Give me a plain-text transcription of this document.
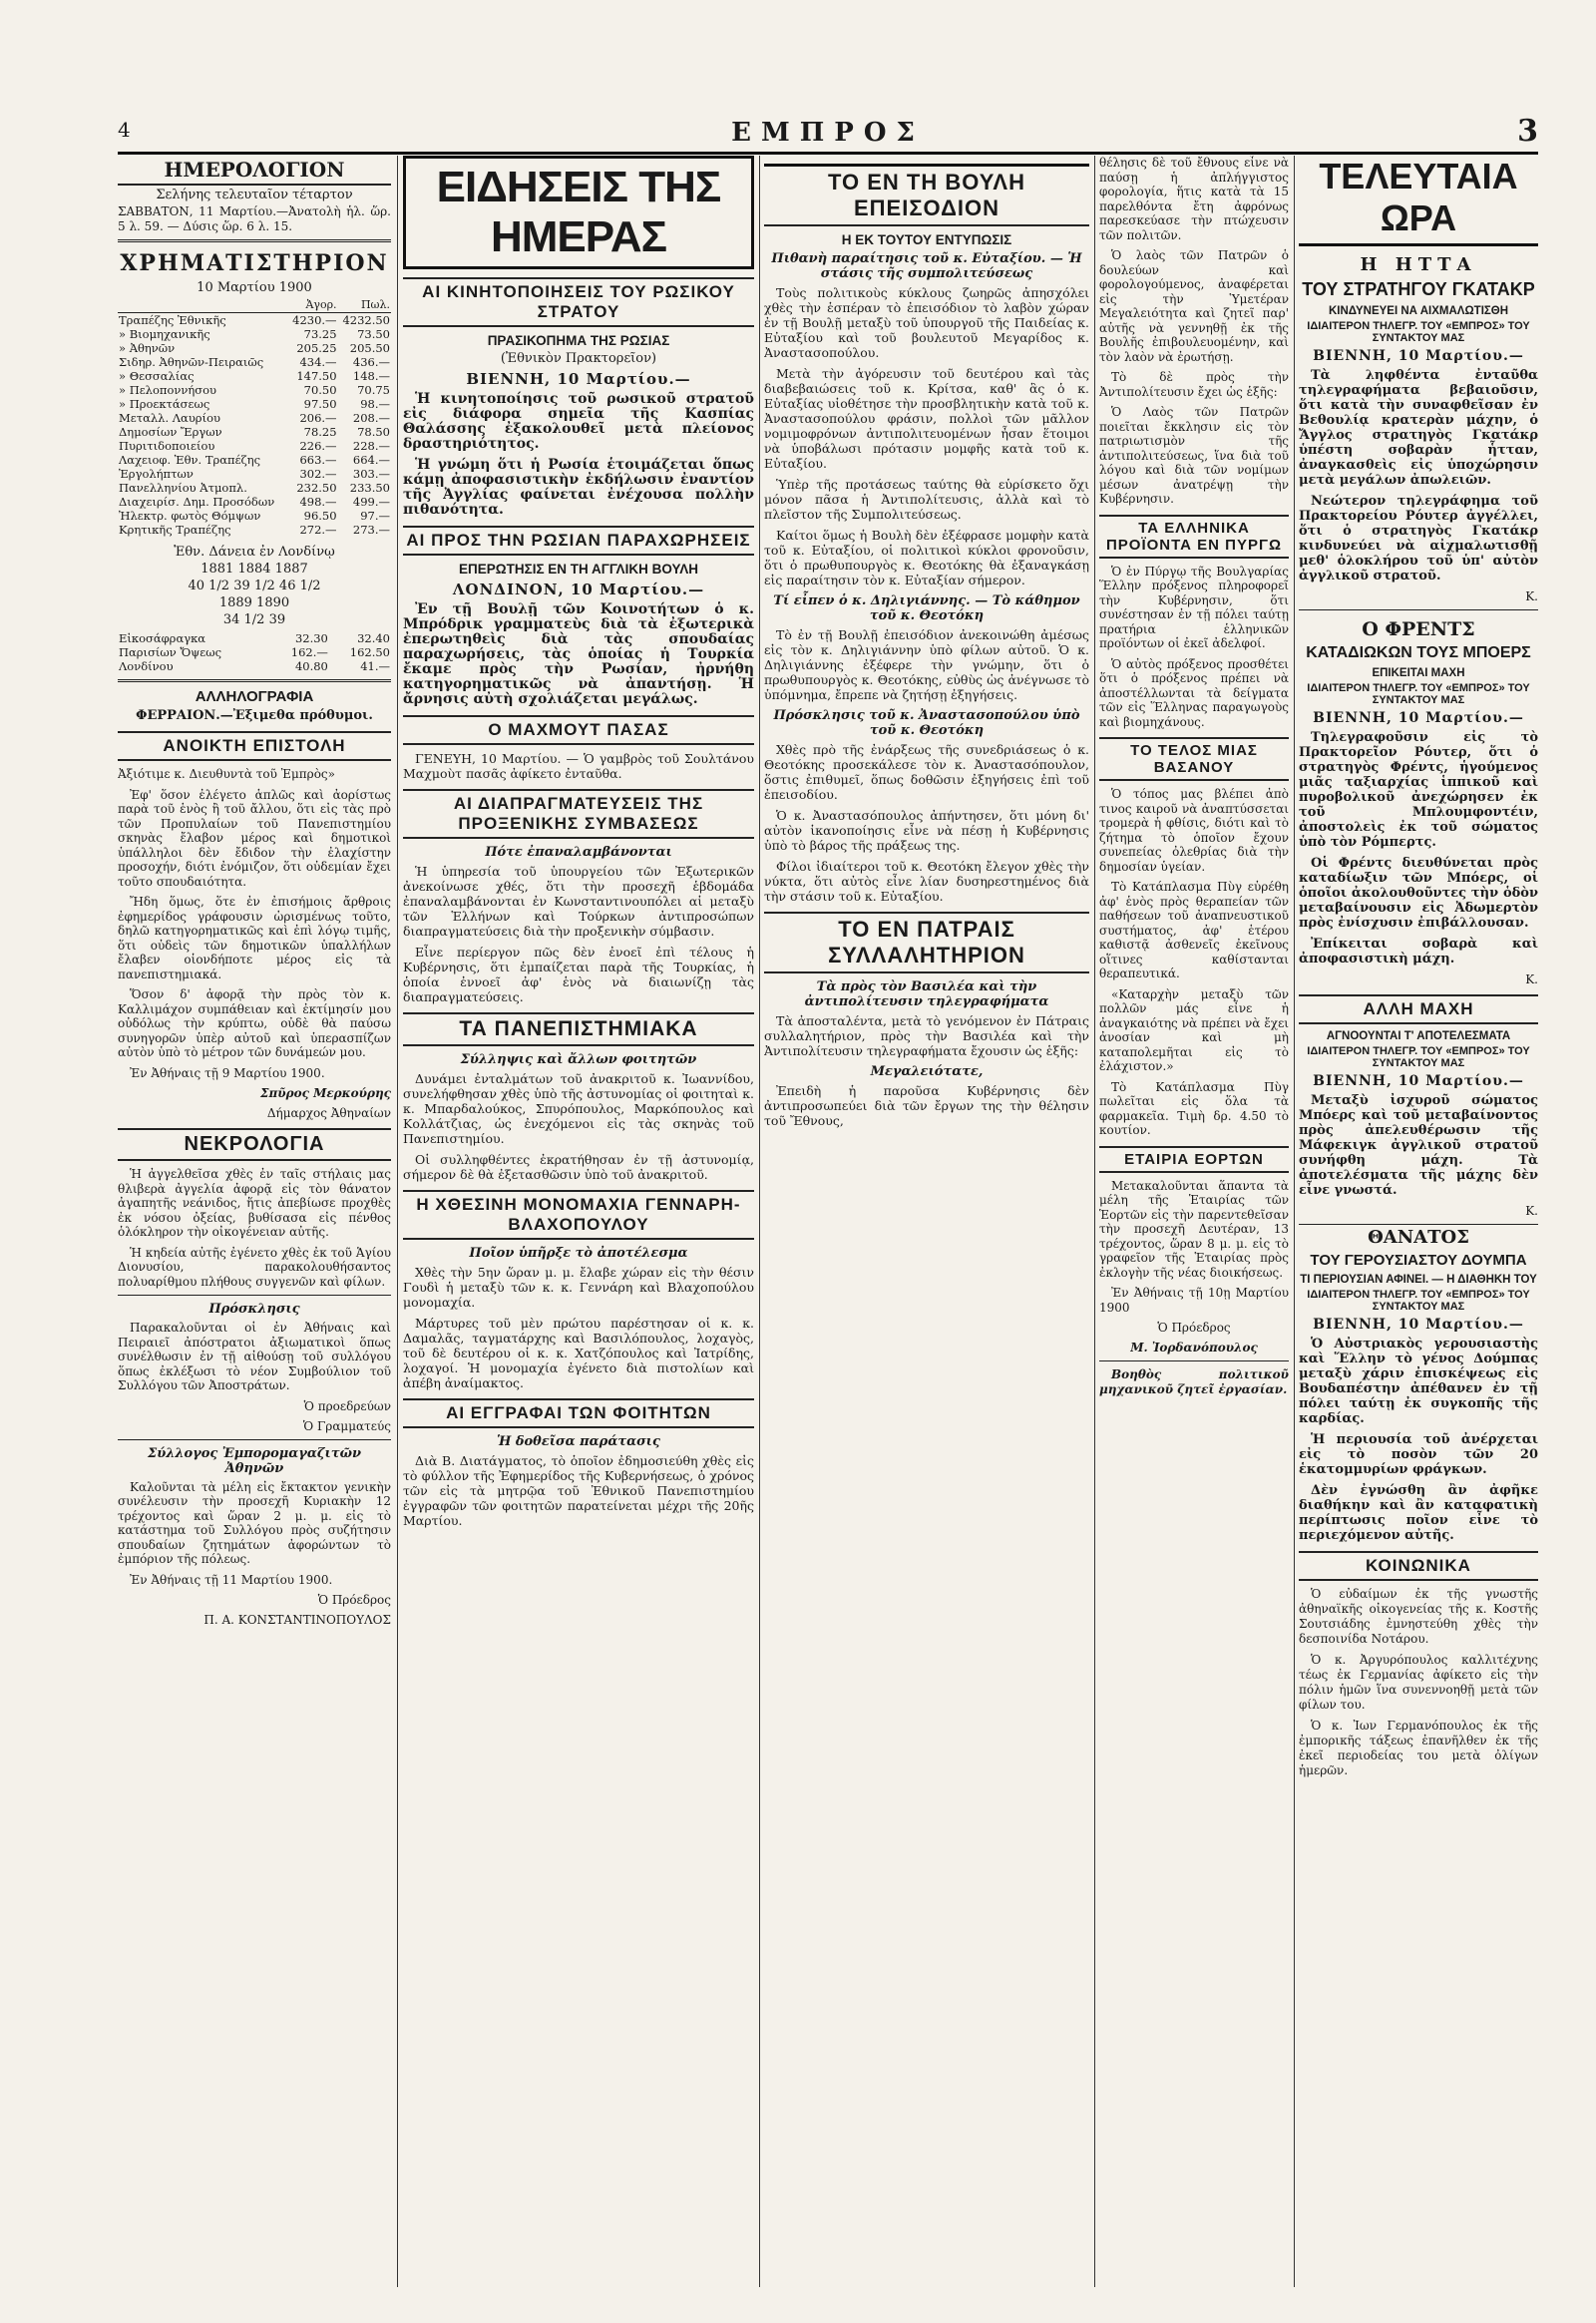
4	ΕΜΠΡΟΣ	3
ΗΜΕΡΟΛΟΓΙΟΝ
Σελήνης τελευταῖον τέταρτον

ΣΑΒΒΑΤΟΝ, 11 Μαρτίου.—Ἀνατολὴ ἡλ. ὥρ. 5 λ. 59. — Δύσις ὥρ. 6 λ. 15.

ΧΡΗΜΑΤΙΣΤΗΡΙΟΝ
10 Μαρτίου 1900
	Ἀγορ.	Πωλ.
Τραπέζης Ἐθνικῆς	4230.—	4232.50
» Βιομηχανικῆς	73.25	73.50
» Ἀθηνῶν	205.25	205.50
Σιδηρ. Ἀθηνῶν-Πειραιῶς	434.—	436.—
» Θεσσαλίας	147.50	148.—
» Πελοποννήσου	70.50	70.75
» Προεκτάσεως	97.50	98.—
Μεταλλ. Λαυρίου	206.—	208.—
Δημοσίων Ἔργων	78.25	78.50
Πυριτιδοποιείου	226.—	228.—
Λαχειοφ. Ἐθν. Τραπέζης	663.—	664.—
Ἐργολήπτων	302.—	303.—
Πανελληνίου Ἀτμοπλ.	232.50	233.50
Διαχειρίσ. Δημ. Προσόδων	498.—	499.—
Ἠλεκτρ. φωτὸς Θόμψων	96.50	97.—
Κρητικῆς Τραπέζης	272.—	273.—
Ἐθν. Δάνεια ἐν Λονδίνῳ
1881 1884 1887
40 1/2 39 1/2 46 1/2
1889 1890
34 1/2 39
Εἰκοσάφραγκα	32.30	32.40
Παρισίων Ὄψεως	162.—	162.50
Λονδίνου	40.80	41.—
ΑΛΛΗΛΟΓΡΑΦΙΑ
ΦΕΡΡΑΙΟΝ.—Ἐξιμεθα πρόθυμοι.
ΑΝΟΙΚΤΗ ΕΠΙΣΤΟΛΗ

Ἀξιότιμε κ. Διευθυντὰ τοῦ Ἐμπρὸς»

Ἐφ' ὅσον ἐλέγετο ἁπλῶς καὶ ἀορίστως παρὰ τοῦ ἑνὸς ἢ τοῦ ἄλλου, ὅτι εἰς τὰς πρὸ τῶν Προπυλαίων τοῦ Πανεπιστημίου σκηνὰς ἔλαβον μέρος καὶ δημοτικοὶ ὑπάλληλοι δὲν ἔδιδον τὴν ἐλαχίστην προσοχήν, διότι ἐνόμιζον, ὅτι οὐδεμίαν ἔχει τοῦτο σπουδαιότητα.

Ἤδη ὅμως, ὅτε ἐν ἐπισήμοις ἄρθροις ἐφημερίδος γράφουσιν ὡρισμένως τοῦτο, δηλῶ κατηγορηματικῶς καὶ ἐπὶ λόγῳ τιμῆς, ὅτι οὐδεὶς τῶν δημοτικῶν ὑπαλλήλων ἔλαβεν οἱονδήποτε μέρος εἰς τὰ πανεπιστημιακά.

Ὅσον δ' ἀφορᾷ τὴν πρὸς τὸν κ. Καλλιμάχον συμπάθειαν καὶ ἐκτίμησίν μου οὐδόλως τὴν κρύπτω, οὐδὲ θὰ παύσω συνηγορῶν ὑπὲρ αὐτοῦ καὶ ὑπερασπίζων αὐτὸν ὑπὸ τὸ μέτρον τῶν δυνάμεών μου.

Ἐν Ἀθήναις τῇ 9 Μαρτίου 1900.

Σπῦρος Μερκούρης
Δήμαρχος Ἀθηναίων
ΝΕΚΡΟΛΟΓΙΑ

Ἡ ἀγγελθεῖσα χθὲς ἐν ταῖς στήλαις μας θλιβερὰ ἀγγελία ἀφορᾷ εἰς τὸν θάνατον ἀγαπητῆς νεάνιδος, ἥτις ἀπεβίωσε προχθὲς ἐκ νόσου ὀξείας, βυθίσασα εἰς πένθος ὁλόκληρον τὴν οἰκογένειαν αὐτῆς.

Ἡ κηδεία αὐτῆς ἐγένετο χθὲς ἐκ τοῦ Ἁγίου Διονυσίου, παρακολουθήσαντος πολυαρίθμου πλήθους συγγενῶν καὶ φίλων.

Πρόσκλησις

Παρακαλοῦνται οἱ ἐν Ἀθήναις καὶ Πειραιεῖ ἀπόστρατοι ἀξιωματικοὶ ὅπως συνέλθωσιν ἐν τῇ αἰθούσῃ τοῦ συλλόγου ὅπως ἐκλέξωσι τὸ νέον Συμβούλιον τοῦ Συλλόγου τῶν Ἀποστράτων.

Ὁ προεδρεύων
Ὁ Γραμματεύς
Σύλλογος Ἐμπορομαγαζιτῶν Ἀθηνῶν

Καλοῦνται τὰ μέλη εἰς ἔκτακτον γενικὴν συνέλευσιν τὴν προσεχῆ Κυριακὴν 12 τρέχοντος καὶ ὥραν 2 μ. μ. εἰς τὸ κατάστημα τοῦ Συλλόγου πρὸς συζήτησιν σπουδαίων ζητημάτων ἀφορώντων τὸ ἐμπόριον τῆς πόλεως.

Ἐν Ἀθήναις τῇ 11 Μαρτίου 1900.

Ὁ Πρόεδρος
Π. Α. ΚΟΝΣΤΑΝΤΙΝΟΠΟΥΛΟΣ
ΕΙΔΗΣΕΙΣ ΤΗΣ ΗΜΕΡΑΣ
ΑΙ ΚΙΝΗΤΟΠΟΙΗΣΕΙΣ ΤΟΥ ΡΩΣΙΚΟΥ ΣΤΡΑΤΟΥ
ΠΡΑΣΙΚΟΠΗΜΑ ΤΗΣ ΡΩΣΙΑΣ
(Ἐθνικὸν Πρακτορεῖον)
ΒΙΕΝΝΗ, 10 Μαρτίου.—

Ἡ κινητοποίησις τοῦ ρωσικοῦ στρατοῦ εἰς διάφορα σημεῖα τῆς Κασπίας Θαλάσσης ἐξακολουθεῖ μετὰ πλείονος δραστηριότητος.

Ἡ γνώμη ὅτι ἡ Ρωσία ἑτοιμάζεται ὅπως κάμῃ ἀποφασιστικὴν ἐκδήλωσιν ἐναντίον τῆς Ἀγγλίας φαίνεται ἐνέχουσα πολλὴν πιθανότητα.

ΑΙ ΠΡΟΣ ΤΗΝ ΡΩΣΙΑΝ ΠΑΡΑΧΩΡΗΣΕΙΣ
ΕΠΕΡΩΤΗΣΙΣ ΕΝ ΤΗ ΑΓΓΛΙΚΗ ΒΟΥΛΗ
ΛΟΝΔΙΝΟΝ, 10 Μαρτίου.—

Ἐν τῇ Βουλῇ τῶν Κοινοτήτων ὁ κ. Μπρόδρικ γραμματεὺς διὰ τὰ ἐξωτερικὰ ἐπερωτηθεὶς διὰ τὰς σπουδαίας παραχωρήσεις, τὰς ὁποίας ἡ Τουρκία ἔκαμε πρὸς τὴν Ρωσίαν, ἠρνήθη κατηγορηματικῶς νὰ ἀπαντήσῃ. Ἡ ἄρνησις αὐτὴ σχολιάζεται μεγάλως.

Ο ΜΑΧΜΟΥΤ ΠΑΣΑΣ

ΓΕΝΕΥΗ, 10 Μαρτίου. — Ὁ γαμβρὸς τοῦ Σουλτάνου Μαχμοὺτ πασᾶς ἀφίκετο ἐνταῦθα.

ΑΙ ΔΙΑΠΡΑΓΜΑΤΕΥΣΕΙΣ ΤΗΣ ΠΡΟΞΕΝΙΚΗΣ ΣΥΜΒΑΣΕΩΣ
Πότε ἐπαναλαμβάνονται

Ἡ ὑπηρεσία τοῦ ὑπουργείου τῶν Ἐξωτερικῶν ἀνεκοίνωσε χθές, ὅτι τὴν προσεχῆ ἑβδομάδα ἐπαναλαμβάνονται ἐν Κωνσταντινουπόλει αἱ μεταξὺ τῶν Ἑλλήνων καὶ Τούρκων ἀντιπροσώπων διαπραγματεύσεις διὰ τὴν προξενικὴν σύμβασιν.

Εἶνε περίεργον πῶς δὲν ἐνοεῖ ἐπὶ τέλους ἡ Κυβέρνησις, ὅτι ἐμπαίζεται παρὰ τῆς Τουρκίας, ἡ ὁποία ἐννοεῖ ἀφ' ἑνὸς νὰ διαιωνίζῃ τὰς διαπραγματεύσεις.

ΤΑ ΠΑΝΕΠΙΣΤΗΜΙΑΚΑ
Σύλληψις καὶ ἄλλων φοιτητῶν

Δυνάμει ἐνταλμάτων τοῦ ἀνακριτοῦ κ. Ἰωαννίδου, συνελήφθησαν χθὲς ὑπὸ τῆς ἀστυνομίας οἱ φοιτηταὶ κ. κ. Μπαρδαλούκος, Σπυρόπουλος, Μαρκόπουλος καὶ Κολλάτζιας, ὡς ἐνεχόμενοι εἰς τὰς σκηνὰς τοῦ Πανεπιστημίου.

Οἱ συλληφθέντες ἐκρατήθησαν ἐν τῇ ἀστυνομίᾳ, σήμερον δὲ θὰ ἐξετασθῶσιν ὑπὸ τοῦ ἀνακριτοῦ.

Η ΧΘΕΣΙΝΗ ΜΟΝΟΜΑΧΙΑ ΓΕΝΝΑΡΗ-ΒΛΑΧΟΠΟΥΛΟΥ
Ποῖον ὑπῆρξε τὸ ἀποτέλεσμα

Χθὲς τὴν 5ην ὥραν μ. μ. ἔλαβε χώραν εἰς τὴν θέσιν Γουδὶ ἡ μεταξὺ τῶν κ. κ. Γεννάρη καὶ Βλαχοπούλου μονομαχία.

Μάρτυρες τοῦ μὲν πρώτου παρέστησαν οἱ κ. κ. Δαμαλᾶς, ταγματάρχης καὶ Βασιλόπουλος, λοχαγὸς, τοῦ δὲ δευτέρου οἱ κ. κ. Χατζόπουλος καὶ Ἰατρίδης, λοχαγοί. Ἡ μονομαχία ἐγένετο διὰ πιστολίων καὶ ἀπέβη ἀναίμακτος.

ΑΙ ΕΓΓΡΑΦΑΙ ΤΩΝ ΦΟΙΤΗΤΩΝ
Ἡ δοθεῖσα παράτασις

Διὰ Β. Διατάγματος, τὸ ὁποῖον ἐδημοσιεύθη χθὲς εἰς τὸ φύλλον τῆς Ἐφημερίδος τῆς Κυβερνήσεως, ὁ χρόνος τῶν εἰς τὰ μητρῷα τοῦ Ἐθνικοῦ Πανεπιστημίου ἐγγραφῶν τῶν φοιτητῶν παρατείνεται μέχρι τῆς 20ῆς Μαρτίου.

ΤΟ ΕΝ ΤΗ ΒΟΥΛΗ ΕΠΕΙΣΟΔΙΟΝ
Η ΕΚ ΤΟΥΤΟΥ ΕΝΤΥΠΩΣΙΣ
Πιθανὴ παραίτησις τοῦ κ. Εὐταξίου. — Ἡ στάσις τῆς συμπολιτεύσεως

Τοὺς πολιτικοὺς κύκλους ζωηρῶς ἀπησχόλει χθὲς τὴν ἑσπέραν τὸ ἐπεισόδιον τὸ λαβὸν χώραν ἐν τῇ Βουλῇ μεταξὺ τοῦ ὑπουργοῦ τῆς Παιδείας κ. Εὐταξίου καὶ τοῦ βουλευτοῦ Μεγαρίδος κ. Ἀναστασοπούλου.

Μετὰ τὴν ἀγόρευσιν τοῦ δευτέρου καὶ τὰς διαβεβαιώσεις τοῦ κ. Κρίτσα, καθ' ἃς ὁ κ. Εὐταξίας υἱοθέτησε τὴν προσβλητικὴν κατὰ τοῦ κ. Ἀναστασοπούλου φράσιν, πολλοὶ τῶν μᾶλλον νομιμοφρόνων ἀντιπολιτευομένων ἦσαν ἕτοιμοι νὰ ὑποβάλωσι πρότασιν μομφῆς κατὰ τοῦ κ. Εὐταξίου.

Ὑπὲρ τῆς προτάσεως ταύτης θὰ εὑρίσκετο ὄχι μόνον πᾶσα ἡ Ἀντιπολίτευσις, ἀλλὰ καὶ τὸ πλεῖστον τῆς Συμπολιτεύσεως.

Καίτοι ὅμως ἡ Βουλὴ δὲν ἐξέφρασε μομφὴν κατὰ τοῦ κ. Εὐταξίου, οἱ πολιτικοὶ κύκλοι φρονοῦσιν, ὅτι ὁ πρωθυπουργὸς κ. Θεοτόκης θὰ ἐξαναγκάσῃ εἰς παραίτησιν τὸν κ. Εὐταξίαν σήμερον.

Τί εἶπεν ὁ κ. Δηλιγιάννης. — Τὸ κάθημον τοῦ κ. Θεοτόκη

Τὸ ἐν τῇ Βουλῇ ἐπεισόδιον ἀνεκοινώθη ἀμέσως εἰς τὸν κ. Δηλιγιάννην ὑπὸ φίλων αὐτοῦ. Ὁ κ. Δηλιγιάννης ἐξέφερε τὴν γνώμην, ὅτι ὁ πρωθυπουργὸς κ. Θεοτόκης, εὐθὺς ὡς ἀνέγνωσε τὸ ὑπόμνημα, ἔπρεπε νὰ ζητήσῃ ἐξηγήσεις.

Πρόσκλησις τοῦ κ. Ἀναστασοπούλου ὑπὸ τοῦ κ. Θεοτόκη

Χθὲς πρὸ τῆς ἐνάρξεως τῆς συνεδριάσεως ὁ κ. Θεοτόκης προσεκάλεσε τὸν κ. Ἀναστασόπουλον, ὅστις ἐπιθυμεῖ, ὅπως δοθῶσιν ἐξηγήσεις ἐπὶ τοῦ ἐπεισοδίου.

Ὁ κ. Ἀναστασόπουλος ἀπήντησεν, ὅτι μόνη δι' αὐτὸν ἱκανοποίησις εἶνε νὰ πέσῃ ἡ Κυβέρνησις ὑπὸ τὸ βάρος τῆς πράξεως της.

Φίλοι ἰδιαίτεροι τοῦ κ. Θεοτόκη ἔλεγον χθὲς τὴν νύκτα, ὅτι αὐτὸς εἶνε λίαν δυσηρεστημένος διὰ τὴν στάσιν τοῦ κ. Εὐταξίου.

ΤΟ ΕΝ ΠΑΤΡΑΙΣ ΣΥΛΛΑΛΗΤΗΡΙΟΝ
Τὰ πρὸς τὸν Βασιλέα καὶ τὴν ἀντιπολίτευσιν τηλεγραφήματα

Τὰ ἀποσταλέντα, μετὰ τὸ γενόμενον ἐν Πάτραις συλλαλητήριον, πρὸς τὴν Βασιλέα καὶ τὴν Ἀντιπολίτευσιν τηλεγραφήματα ἔχουσιν ὡς ἑξῆς:

Μεγαλειότατε,

Ἐπειδὴ ἡ παροῦσα Κυβέρνησις δὲν ἀντιπροσωπεύει διὰ τῶν ἔργων της τὴν θέλησιν τοῦ Ἔθνους,

θέλησις δὲ τοῦ ἔθνους εἶνε νὰ παύσῃ ἡ ἀπλήγγιστος φορολογία, ἥτις κατὰ τὰ 15 παρελθόντα ἔτη ἀφρόνως παρεσκεύασε τὴν πτώχευσιν τῶν πολιτῶν.

Ὁ λαὸς τῶν Πατρῶν ὁ δουλεύων καὶ φορολογούμενος, ἀναφέρεται εἰς τὴν Ὑμετέραν Μεγαλειότητα καὶ ζητεῖ παρ' αὐτῆς νὰ γεννηθῇ ἐκ τῆς Βουλῆς ἐπιβουλευομένην, καὶ τὸν λαὸν νὰ ἐρωτήσῃ.

Τὸ δὲ πρὸς τὴν Ἀντιπολίτευσιν ἔχει ὡς ἑξῆς:

Ὁ Λαὸς τῶν Πατρῶν ποιεῖται ἔκκλησιν εἰς τὸν πατριωτισμὸν τῆς ἀντιπολιτεύσεως, ἵνα διὰ τοῦ λόγου καὶ διὰ τῶν νομίμων μέσων ἀνατρέψῃ τὴν Κυβέρνησιν.

ΤΑ ΕΛΛΗΝΙΚΑ ΠΡΟΪΟΝΤΑ ΕΝ ΠΥΡΓΩ

Ὁ ἐν Πύργῳ τῆς Βουλγαρίας Ἕλλην πρόξενος πληροφορεῖ τὴν Κυβέρνησιν, ὅτι συνέστησαν ἐν τῇ πόλει ταύτῃ πρατήρια ἑλληνικῶν προϊόντων οἱ ἐκεῖ ἀδελφοί.

Ὁ αὐτὸς πρόξενος προσθέτει ὅτι ὁ πρόξενος πρέπει νὰ ἀποστέλλωνται τὰ δείγματα τῶν εἰς Ἕλληνας παραγωγοὺς καὶ βιομηχάνους.

ΤΟ ΤΕΛΟΣ ΜΙΑΣ ΒΑΣΑΝΟΥ

Ὁ τόπος μας βλέπει ἀπὸ τινος καιροῦ νὰ ἀναπτύσσεται τρομερὰ ἡ φθίσις, διότι καὶ τὸ ζήτημα τὸ ὁποῖον ἔχουν συνεπείας ὀλεθρίας διὰ τὴν δημοσίαν ὑγείαν.

Τὸ Κατάπλασμα Πὺγ εὑρέθη ἀφ' ἑνὸς πρὸς θεραπείαν τῶν παθήσεων τοῦ ἀναπνευστικοῦ συστήματος, ἀφ' ἑτέρου καθιστᾷ ἀσθενεῖς ἐκεῖνους οἵτινες καθίστανται θεραπευτικά.

«Καταρχὴν μεταξὺ τῶν πολλῶν μάς εἶνε ἡ ἀναγκαιότης νὰ πρέπει νὰ ἔχει ἀνοσίαν καὶ μὴ καταπολεμῆται εἰς τὸ ἐλάχιστον.»

Τὸ Κατάπλασμα Πὺγ πωλεῖται εἰς ὅλα τὰ φαρμακεῖα. Τιμὴ δρ. 4.50 τὸ κουτίον.

ΕΤΑΙΡΙΑ ΕΟΡΤΩΝ

Μετακαλοῦνται ἅπαντα τὰ μέλη τῆς Ἑταιρίας τῶν Ἑορτῶν εἰς τὴν παρεντεθεῖσαν τὴν προσεχῆ Δευτέραν, 13 τρέχοντος, ὥραν 8 μ. μ. εἰς τὸ γραφεῖον τῆς Ἑταιρίας πρὸς ἐκλογὴν τῆς νέας διοικήσεως.

Ἐν Ἀθήναις τῇ 10ῃ Μαρτίου 1900

Ὁ Πρόεδρος
Μ. Ἰορδανόπουλος

Βοηθὸς πολιτικοῦ μηχανικοῦ ζητεῖ ἐργασίαν.

ΤΕΛΕΥΤΑΙΑ ΩΡΑ
Η ΗΤΤΑ
ΤΟΥ ΣΤΡΑΤΗΓΟΥ ΓΚΑΤΑΚΡ
ΚΙΝΔΥΝΕΥΕΙ ΝΑ ΑΙΧΜΑΛΩΤΙΣΘΗ
ΙΔΙΑΙΤΕΡΟΝ ΤΗΛΕΓΡ. ΤΟΥ «ΕΜΠΡΟΣ» ΤΟΥ ΣΥΝΤΑΚΤΟΥ ΜΑΣ
ΒΙΕΝΝΗ, 10 Μαρτίου.—

Τὰ ληφθέντα ἐνταῦθα τηλεγραφήματα βεβαιοῦσιν, ὅτι κατὰ τὴν συναφθεῖσαν ἐν Βεθουλίᾳ κρατερὰν μάχην, ὁ Ἄγγλος στρατηγὸς Γκατάκρ ὑπέστη σοβαρὰν ἧτταν, ἀναγκασθεὶς εἰς ὑποχώρησιν μετὰ μεγάλων ἀπωλειῶν.

Νεώτερον τηλεγράφημα τοῦ Πρακτορείου Ρόυτερ ἀγγέλλει, ὅτι ὁ στρατηγὸς Γκατάκρ κινδυνεύει νὰ αἰχμαλωτισθῇ μεθ' ὁλοκλήρου τοῦ ὑπ' αὐτὸν ἀγγλικοῦ στρατοῦ.

Κ.
Ο ΦΡΕΝΤΣ
ΚΑΤΑΔΙΩΚΩΝ ΤΟΥΣ ΜΠΟΕΡΣ
ΕΠΙΚΕΙΤΑΙ ΜΑΧΗ
ΙΔΙΑΙΤΕΡΟΝ ΤΗΛΕΓΡ. ΤΟΥ «ΕΜΠΡΟΣ» ΤΟΥ ΣΥΝΤΑΚΤΟΥ ΜΑΣ
ΒΙΕΝΝΗ, 10 Μαρτίου.—

Τηλεγραφοῦσιν εἰς τὸ Πρακτορεῖον Ρόυτερ, ὅτι ὁ στρατηγὸς Φρέντς, ἡγούμενος μιᾶς ταξιαρχίας ἱππικοῦ καὶ πυροβολικοῦ ἀνεχώρησεν ἐκ τοῦ Μπλουμφοντέιν, ἀποστολεὶς ἐκ τοῦ σώματος ὑπὸ τὸν Ρόμπερτς.

Οἱ Φρέντς διευθύνεται πρὸς καταδίωξιν τῶν Μπόερς, οἱ ὁποῖοι ἀκολουθοῦντες τὴν ὁδὸν μεταβαίνουσιν εἰς Ἀδωμερτὸν πρὸς ἐνίσχυσιν ἐπιβάλλουσαν.

Ἐπίκειται σοβαρὰ καὶ ἀποφασιστικὴ μάχη.

Κ.
ΑΛΛΗ ΜΑΧΗ
ΑΓΝΟΟΥΝΤΑΙ Τ' ΑΠΟΤΕΛΕΣΜΑΤΑ
ΙΔΙΑΙΤΕΡΟΝ ΤΗΛΕΓΡ. ΤΟΥ «ΕΜΠΡΟΣ» ΤΟΥ ΣΥΝΤΑΚΤΟΥ ΜΑΣ
ΒΙΕΝΝΗ, 10 Μαρτίου.—

Μεταξὺ ἰσχυροῦ σώματος Μπόερς καὶ τοῦ μεταβαίνοντος πρὸς ἀπελευθέρωσιν τῆς Μάφεκιγκ ἀγγλικοῦ στρατοῦ συνήφθη μάχη. Τὰ ἀποτελέσματα τῆς μάχης δὲν εἶνε γνωστά.

Κ.
ΘΑΝΑΤΟΣ
ΤΟΥ ΓΕΡΟΥΣΙΑΣΤΟΥ ΔΟΥΜΠΑ
ΤΙ ΠΕΡΙΟΥΣΙΑΝ ΑΦΙΝΕΙ. — Η ΔΙΑΘΗΚΗ ΤΟΥ
ΙΔΙΑΙΤΕΡΟΝ ΤΗΛΕΓΡ. ΤΟΥ «ΕΜΠΡΟΣ» ΤΟΥ ΣΥΝΤΑΚΤΟΥ ΜΑΣ
ΒΙΕΝΝΗ, 10 Μαρτίου.—

Ὁ Αὐστριακὸς γερουσιαστὴς καὶ Ἕλλην τὸ γένος Δούμπας μεταξὺ χάριν ἐπισκέψεως εἰς Βουδαπέστην ἀπέθανεν ἐν τῇ πόλει ταύτῃ ἐκ συγκοπῆς τῆς καρδίας.

Ἡ περιουσία τοῦ ἀνέρχεται εἰς τὸ ποσὸν τῶν 20 ἑκατομμυρίων φράγκων.

Δὲν ἐγνώσθη ἂν ἀφῆκε διαθήκην καὶ ἂν καταφατικὴ περίπτωσις ποῖον εἶνε τὸ περιεχόμενον αὐτῆς.

ΚΟΙΝΩΝΙΚΑ

Ὁ εὐδαίμων ἐκ τῆς γνωστῆς ἀθηναϊκῆς οἰκογενείας τῆς κ. Κοστῆς Σουτσιάδης ἐμνηστεύθη χθὲς τὴν δεσποινίδα Νοτάρου.

Ὁ κ. Ἀργυρόπουλος καλλιτέχνης τέως ἐκ Γερμανίας ἀφίκετο εἰς τὴν πόλιν ἡμῶν ἵνα συνεννοηθῇ μετὰ τῶν φίλων του.

Ὁ κ. Ἰων Γερμανόπουλος ἐκ τῆς ἐμπορικῆς τάξεως ἐπανῆλθεν ἐκ τῆς ἐκεῖ περιοδείας του μετὰ ὀλίγων ἡμερῶν.
